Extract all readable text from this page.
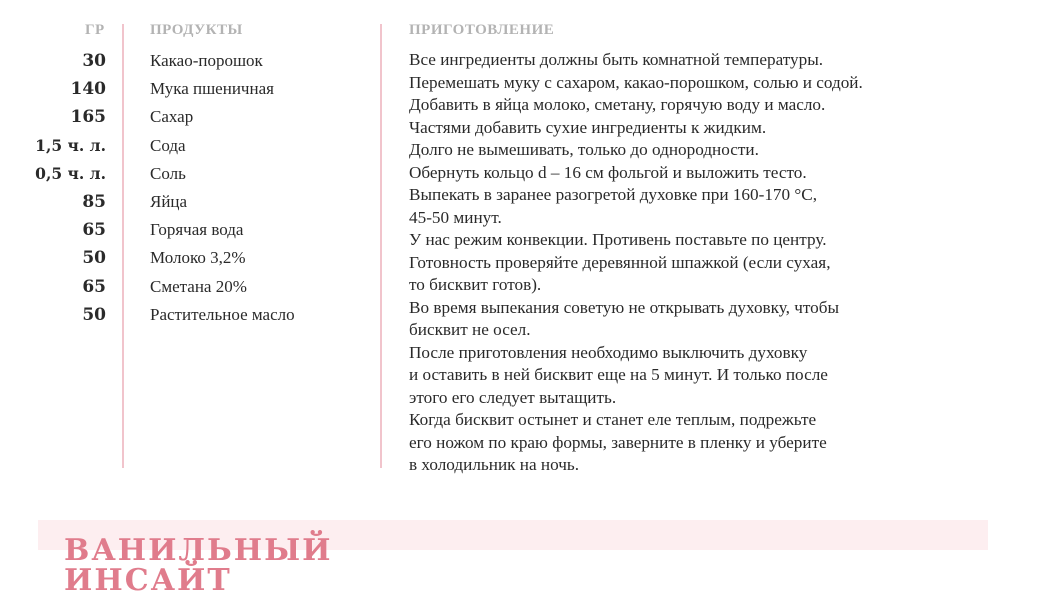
ГР	ПРОДУКТЫ	ПРИГОТОВЛЕНИЕ
30
140
165
1,5 ч. л.
0,5 ч. л.
85
65
50
65
50
Какао-порошок
Мука пшеничная
Сахар
Сода
Соль
Яйца
Горячая вода
Молоко 3,2%
Сметана 20%
Растительное масло
Все ингредиенты должны быть комнатной температуры.
Перемешать муку с сахаром, какао-порошком, солью и содой.
Добавить в яйца молоко, сметану, горячую воду и масло.
Частями добавить сухие ингредиенты к жидким.
Долго не вымешивать, только до однородности.
Обернуть кольцо d – 16 см фольгой и выложить тесто.
Выпекать в заранее разогретой духовке при 160-170 °С,
45-50 минут.
У нас режим конвекции. Противень поставьте по центру.
Готовность проверяйте деревянной шпажкой (если сухая,
то бисквит готов).
Во время выпекания советую не открывать духовку, чтобы
бисквит не осел.
После приготовления необходимо выключить духовку
и оставить в ней бисквит еще на 5 минут. И только после
этого его следует вытащить.
Когда бисквит остынет и станет еле теплым, подрежьте
его ножом по краю формы, заверните в пленку и уберите
в холодильник на ночь.
ВАНИЛЬНЫЙ ИНСАЙТ
